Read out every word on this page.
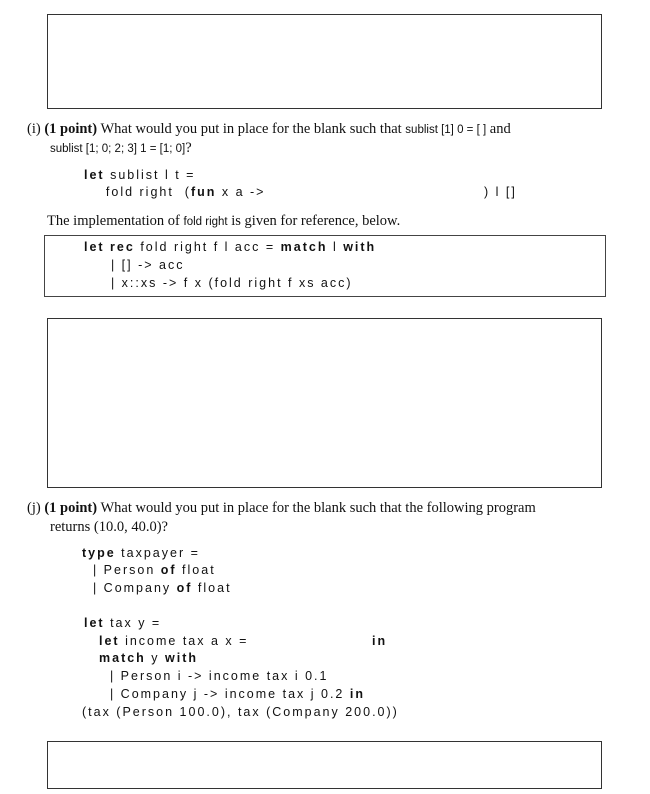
(i) (1 point) What would you put in place for the blank such that sublist [1] 0 = [ ] and
sublist [1; 0; 2; 3] 1 = [1; 0]?
let sublist l t =
fold right  (fun x a ->	) l []
The implementation of fold right is given for reference, below.
let rec fold right f l acc = match l with
| [] -> acc
| x::xs -> f x (fold right f xs acc)
(j) (1 point) What would you put in place for the blank such that the following program
returns (10.0, 40.0)?
type taxpayer =
| Person of float
| Company of float
let tax y =
let income tax a x =	in
match y with
| Person i -> income tax i 0.1
| Company j -> income tax j 0.2 in
(tax (Person 100.0), tax (Company 200.0))
